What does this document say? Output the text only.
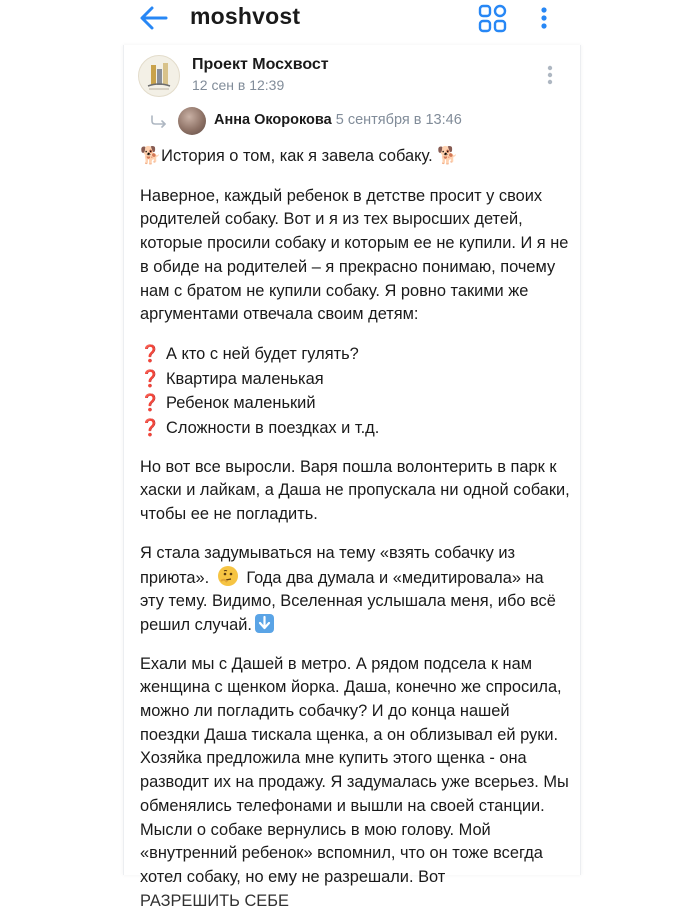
moshvost
Проект Мосхвост
12 сен в 12:39
Анна Окорокова 5 сентября в 13:46

🐕История о том, как я завела собаку. 🐕

Наверное, каждый ребенок в детстве просит у своих родителей собаку. Вот и я из тех выросших детей, которые просили собаку и которым ее не купили. И я не в обиде на родителей – я прекрасно понимаю, почему нам с братом не купили собаку. Я ровно такими же аргументами отвечала своим детям:

❓ А кто с ней будет гулять?
❓ Квартира маленькая
❓ Ребенок маленький
❓ Сложности в поездках и т.д.

Но вот все выросли. Варя пошла волонтерить в парк к хаски и лайкам, а Даша не пропускала ни одной собаки, чтобы ее не погладить.

Я стала задумываться на тему «взять собачку из приюта». Года два думала и «медитировала» на эту тему. Видимо, Вселенная услышала меня, ибо всё решил случай.

Ехали мы с Дашей в метро. А рядом подсела к нам женщина с щенком йорка. Даша, конечно же спросила, можно ли погладить собачку? И до конца нашей поездки Даша тискала щенка, а он облизывал ей руки. Хозяйка предложила мне купить этого щенка - она разводит их на продажу. Я задумалась уже всерьез. Мы обменялись телефонами и вышли на своей станции. Мысли о собаке вернулись в мою голову. Мой «внутренний ребенок» вспомнил, что он тоже всегда хотел собаку, но ему не разрешали. Вот

РАЗРЕШИТЬ СЕБЕ
